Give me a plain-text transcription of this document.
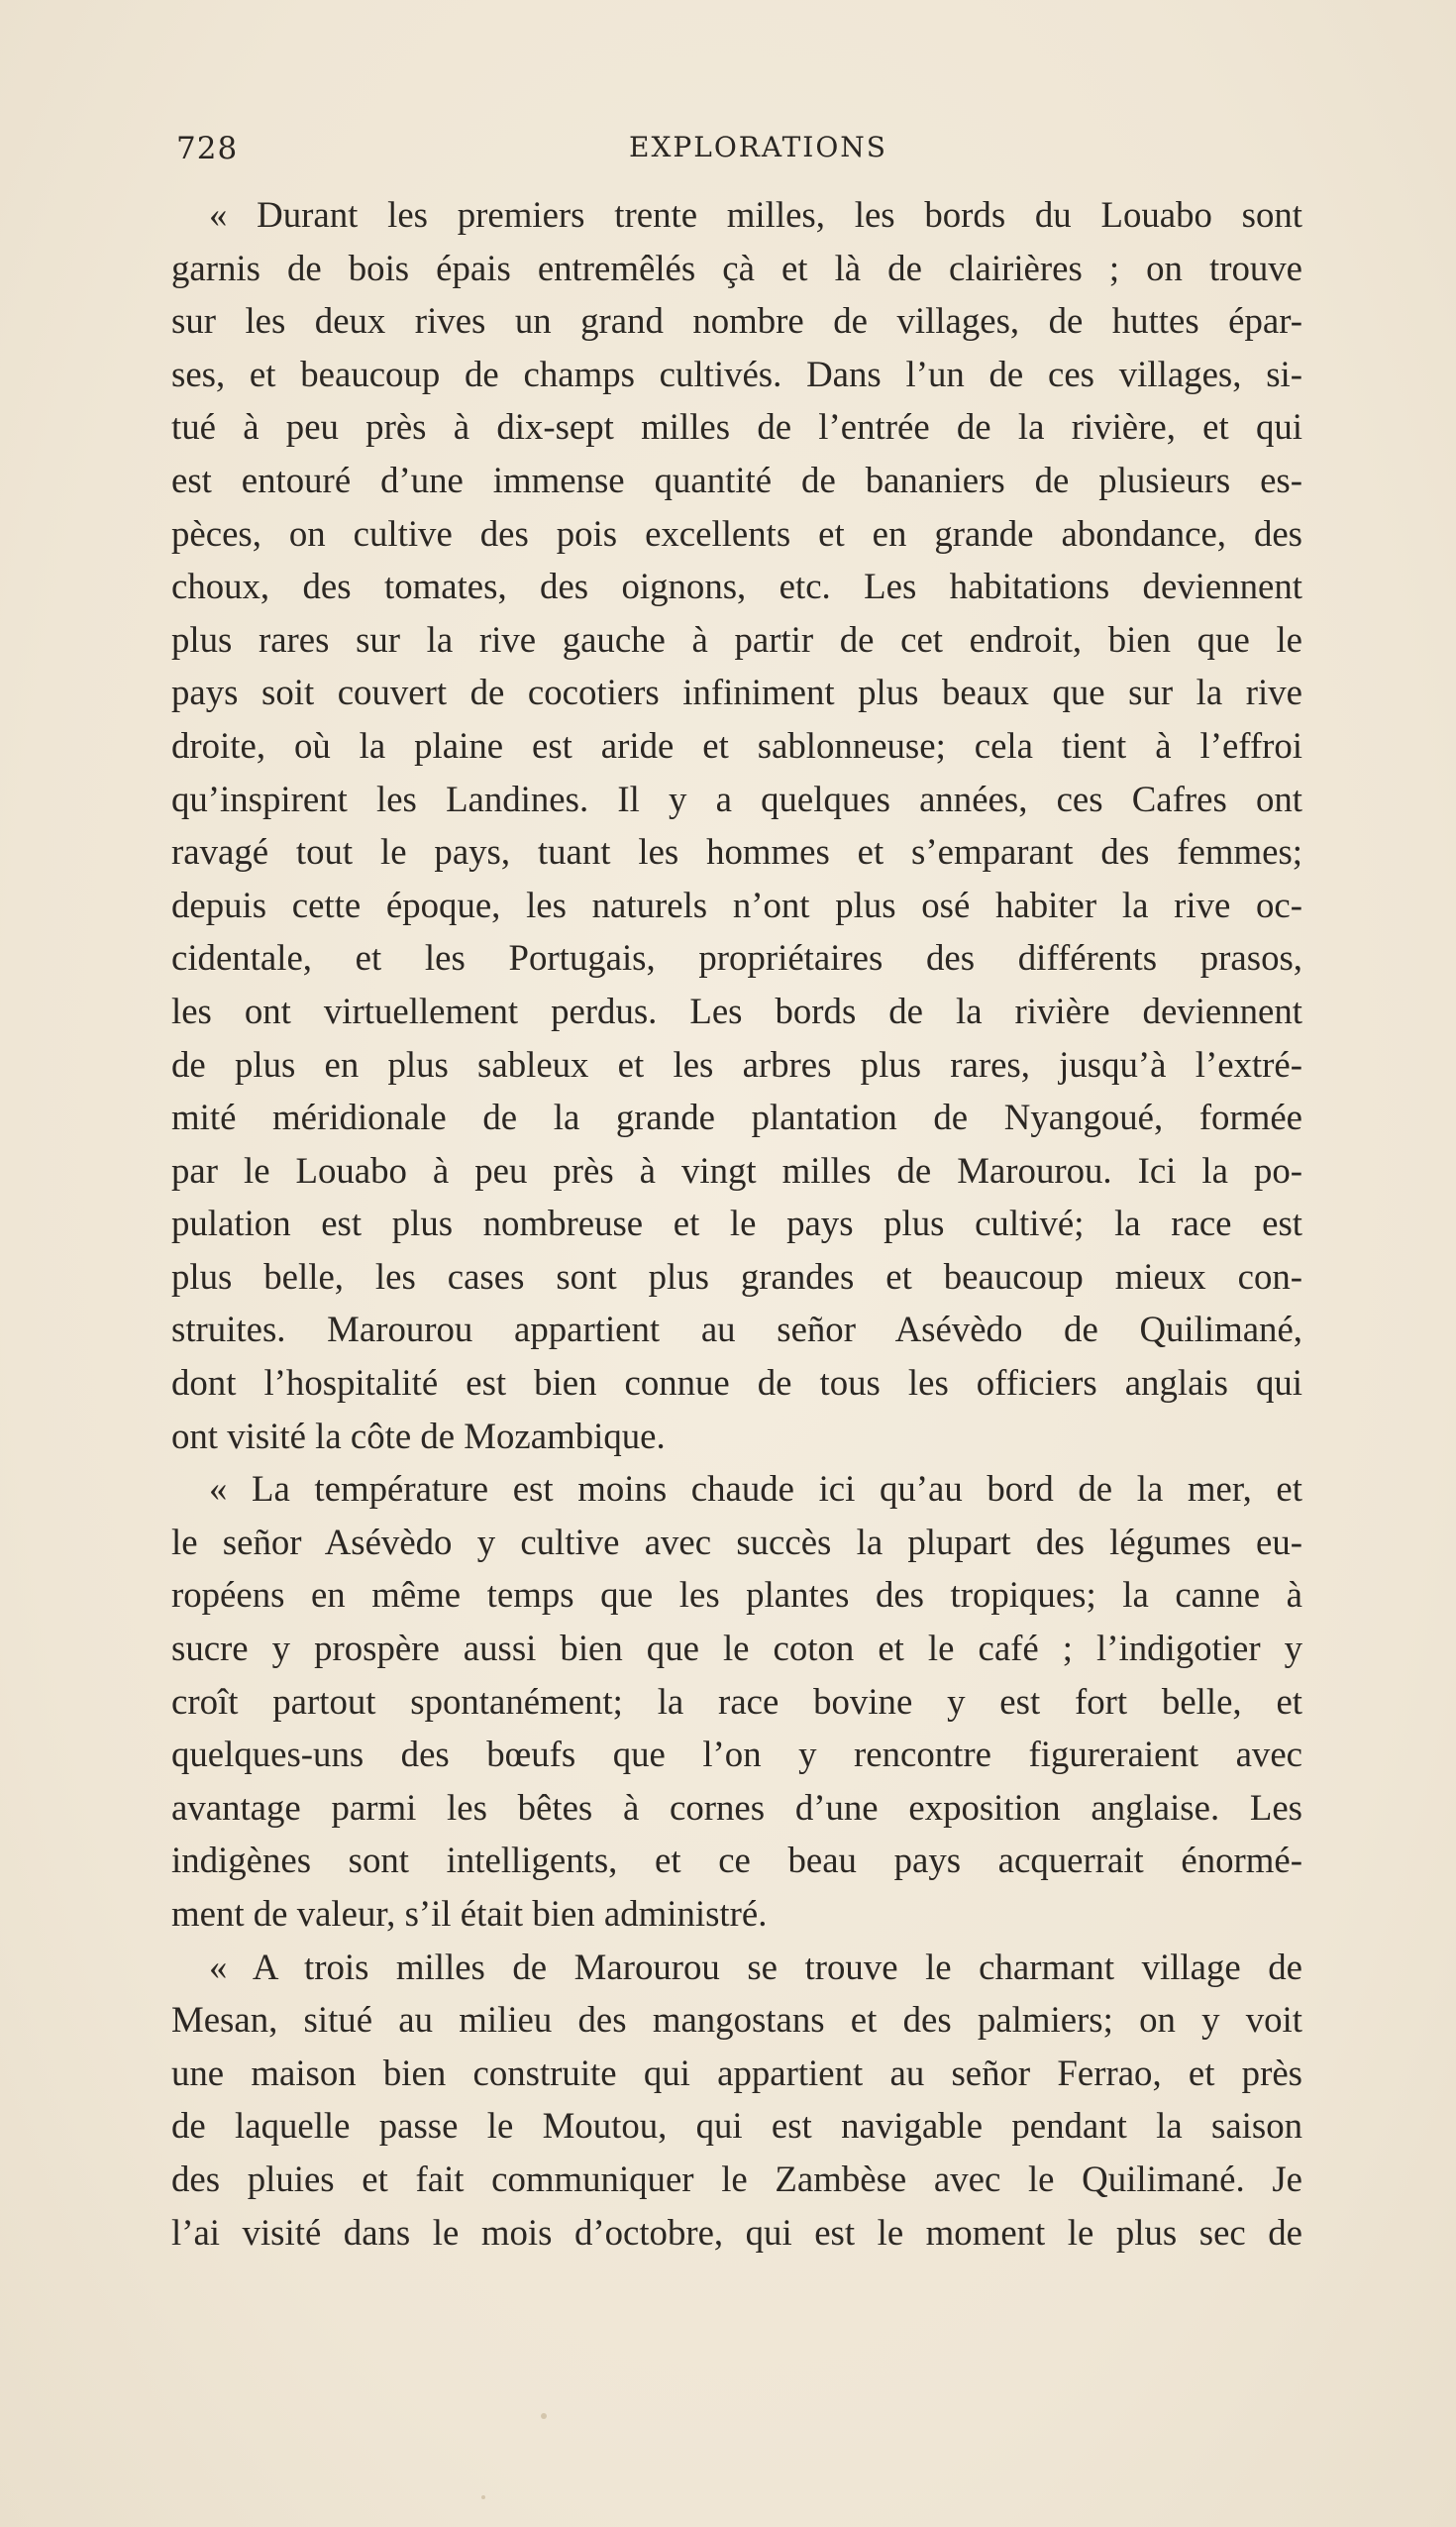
728	EXPLORATIONS
« Durant les premiers trente milles, les bords du Louabo sont
garnis de bois épais entremêlés çà et là de clairières ; on trouve
sur les deux rives un grand nombre de villages, de huttes épar-
ses, et beaucoup de champs cultivés. Dans l’un de ces villages, si-
tué à peu près à dix-sept milles de l’entrée de la rivière, et qui
est entouré d’une immense quantité de bananiers de plusieurs es-
pèces, on cultive des pois excellents et en grande abondance, des
choux, des tomates, des oignons, etc. Les habitations deviennent
plus rares sur la rive gauche à partir de cet endroit, bien que le
pays soit couvert de cocotiers infiniment plus beaux que sur la rive
droite, où la plaine est aride et sablonneuse; cela tient à l’effroi
qu’inspirent les Landines. Il y a quelques années, ces Cafres ont
ravagé tout le pays, tuant les hommes et s’emparant des femmes;
depuis cette époque, les naturels n’ont plus osé habiter la rive oc-
cidentale, et les Portugais, propriétaires des différents prasos,
les ont virtuellement perdus. Les bords de la rivière deviennent
de plus en plus sableux et les arbres plus rares, jusqu’à l’extré-
mité méridionale de la grande plantation de Nyangoué, formée
par le Louabo à peu près à vingt milles de Marourou. Ici la po-
pulation est plus nombreuse et le pays plus cultivé; la race est
plus belle, les cases sont plus grandes et beaucoup mieux con-
struites. Marourou appartient au señor Asévèdo de Quilimané,
dont l’hospitalité est bien connue de tous les officiers anglais qui
ont visité la côte de Mozambique.
« La température est moins chaude ici qu’au bord de la mer, et
le señor Asévèdo y cultive avec succès la plupart des légumes eu-
ropéens en même temps que les plantes des tropiques; la canne à
sucre y prospère aussi bien que le coton et le café ; l’indigotier y
croît partout spontanément; la race bovine y est fort belle, et
quelques-uns des bœufs que l’on y rencontre figureraient avec
avantage parmi les bêtes à cornes d’une exposition anglaise. Les
indigènes sont intelligents, et ce beau pays acquerrait énormé-
ment de valeur, s’il était bien administré.
« A trois milles de Marourou se trouve le charmant village de
Mesan, situé au milieu des mangostans et des palmiers; on y voit
une maison bien construite qui appartient au señor Ferrao, et près
de laquelle passe le Moutou, qui est navigable pendant la saison
des pluies et fait communiquer le Zambèse avec le Quilimané. Je
l’ai visité dans le mois d’octobre, qui est le moment le plus sec de
